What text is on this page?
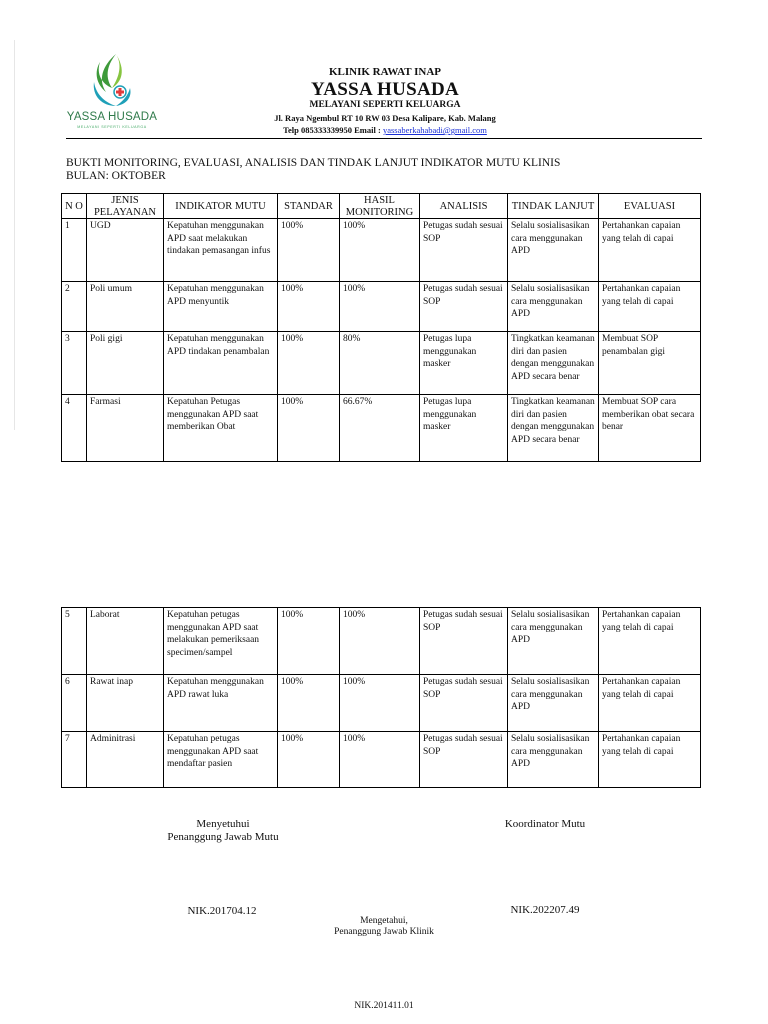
YASSA HUSADA
MELAYANI SEPERTI KELUARGA
KLINIK RAWAT INAP
YASSA HUSADA
MELAYANI SEPERTI KELUARGA
Jl. Raya Ngembul RT 10 RW 03 Desa Kalipare, Kab. Malang
Telp 085333339950 Email : yassaberkahabadi@gmail.com
BUKTI MONITORING, EVALUASI, ANALISIS DAN TINDAK LANJUT INDIKATOR MUTU KLINIS
BULAN: OKTOBER
N O	JENIS PELAYANAN	INDIKATOR MUTU	STANDAR	HASIL MONITORING	ANALISIS	TINDAK LANJUT	EVALUASI
1	UGD	Kepatuhan menggunakan APD saat melakukan tindakan pemasangan infus	100%	100%	Petugas sudah sesuai SOP	Selalu sosialisasikan cara menggunakan APD	Pertahankan capaian yang telah di capai
2	Poli umum	Kepatuhan menggunakan APD menyuntik	100%	100%	Petugas sudah sesuai SOP	Selalu sosialisasikan cara menggunakan APD	Pertahankan capaian yang telah di capai
3	Poli gigi	Kepatuhan menggunakan APD tindakan penambalan	100%	80%	Petugas lupa menggunakan masker	Tingkatkan keamanan diri dan pasien dengan menggunakan APD secara benar	Membuat SOP penambalan gigi
4	Farmasi	Kepatuhan Petugas menggunakan APD saat memberikan Obat	100%	66.67%	Petugas lupa menggunakan masker	Tingkatkan keamanan diri dan pasien dengan menggunakan APD secara benar	Membuat SOP cara memberikan obat secara benar
5	Laborat	Kepatuhan petugas menggunakan APD saat melakukan pemeriksaan specimen/sampel	100%	100%	Petugas sudah sesuai SOP	Selalu sosialisasikan cara menggunakan APD	Pertahankan capaian yang telah di capai
6	Rawat inap	Kepatuhan menggunakan APD rawat luka	100%	100%	Petugas sudah sesuai SOP	Selalu sosialisasikan cara menggunakan APD	Pertahankan capaian yang telah di capai
7	Adminitrasi	Kepatuhan petugas menggunakan APD saat mendaftar pasien	100%	100%	Petugas sudah sesuai SOP	Selalu sosialisasikan cara menggunakan APD	Pertahankan capaian yang telah di capai
Menyetuhui
Penanggung Jawab Mutu
Koordinator Mutu
NIK.201704.12	NIK.202207.49
Mengetahui,
Penanggung Jawab Klinik
NIK.201411.01
